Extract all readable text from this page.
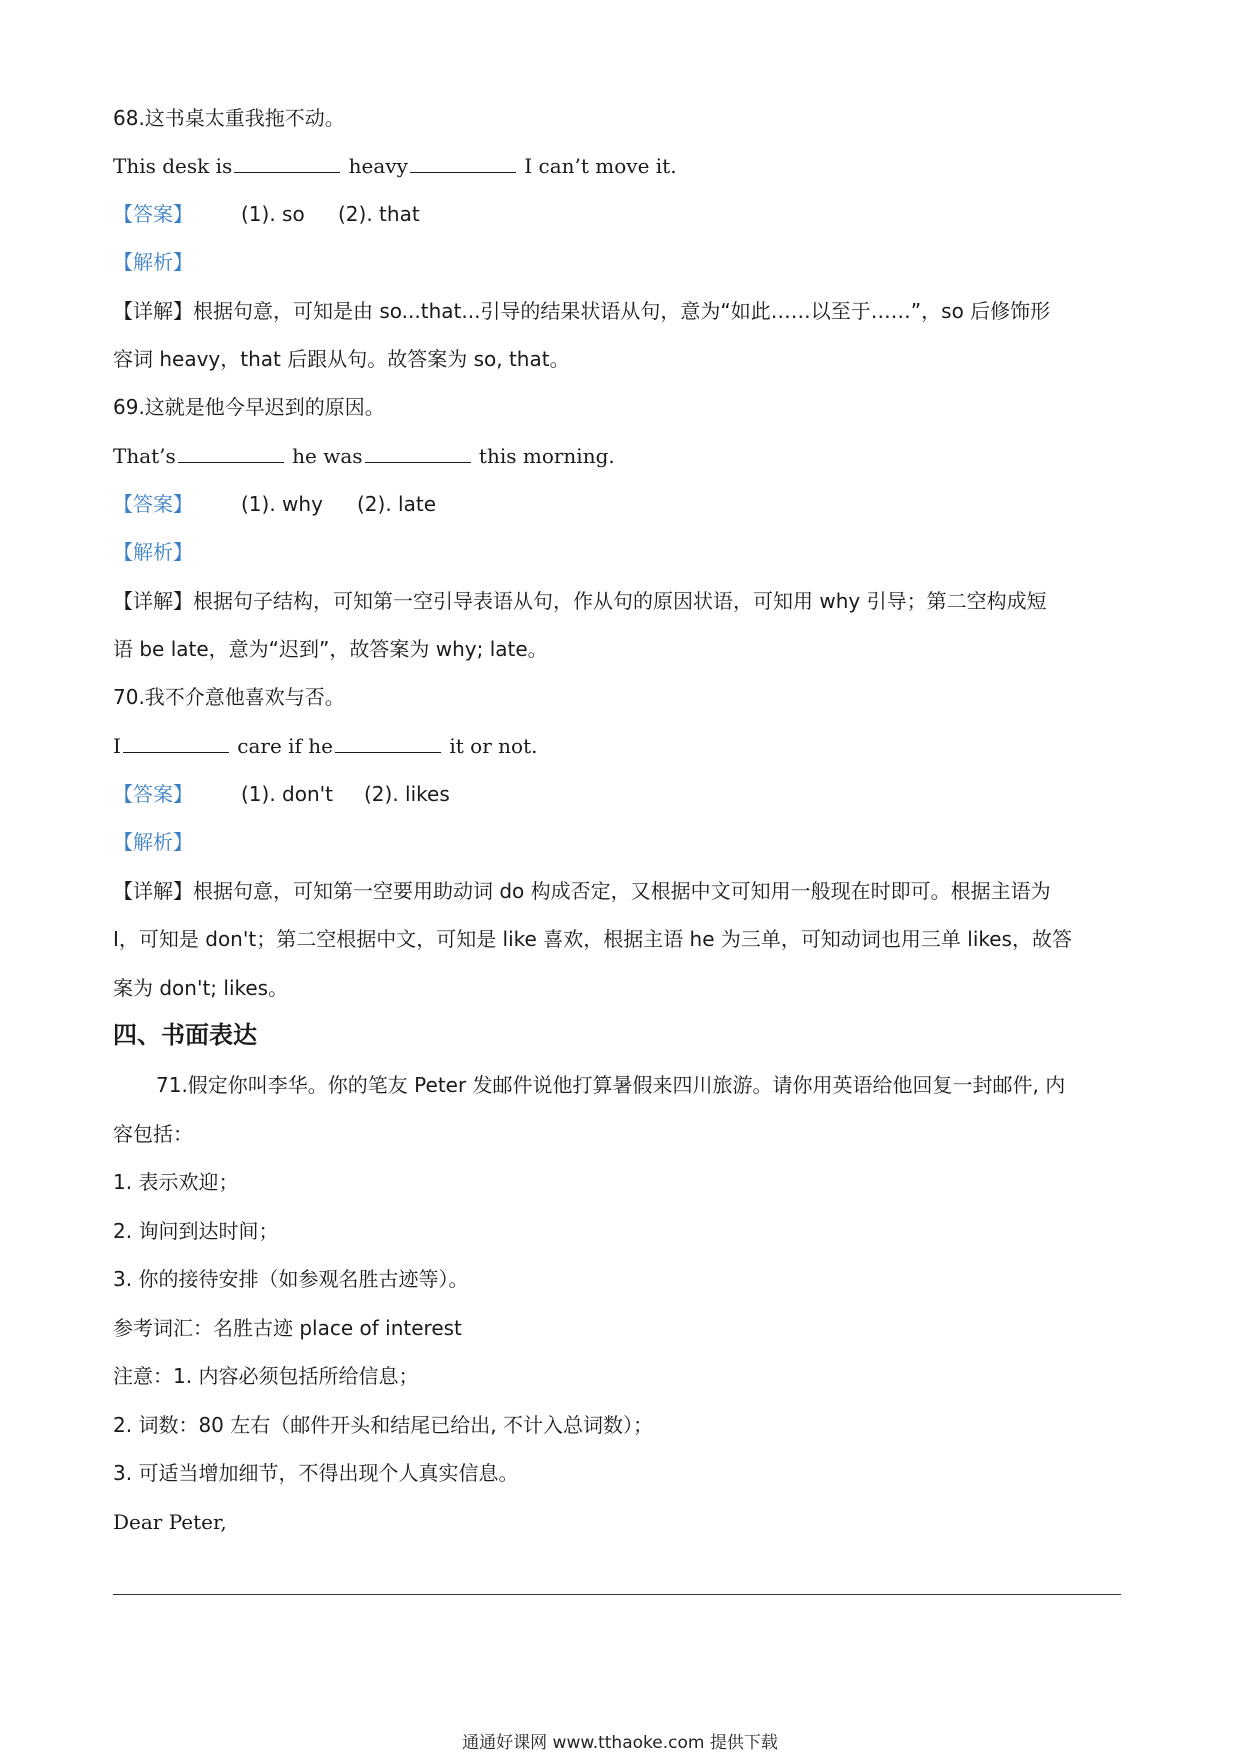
68.这书桌太重我拖不动。
This desk is	heavy	I can’t move it.
【答案】 (1). so (2). that
【解析】
【详解】根据句意，可知是由 so...that...引导的结果状语从句，意为“如此……以至于……”，so 后修饰形
容词 heavy，that 后跟从句。故答案为 so, that。
69.这就是他今早迟到的原因。
That’s	he was	this morning.
【答案】 (1). why (2). late
【解析】
【详解】根据句子结构，可知第一空引导表语从句，作从句的原因状语，可知用 why 引导；第二空构成短
语 be late，意为“迟到”，故答案为 why; late。
70.我不介意他喜欢与否。
I	care if he	it or not.
【答案】 (1). don't (2). likes
【解析】
【详解】根据句意，可知第一空要用助动词 do 构成否定，又根据中文可知用一般现在时即可。根据主语为
I，可知是 don't；第二空根据中文，可知是 like 喜欢，根据主语 he 为三单，可知动词也用三单 likes，故答
案为 don't; likes。
四、书面表达
71.假定你叫李华。你的笔友 Peter 发邮件说他打算暑假来四川旅游。请你用英语给他回复一封邮件, 内
容包括：
1. 表示欢迎；
2. 询问到达时间；
3. 你的接待安排（如参观名胜古迹等）。
参考词汇：名胜古迹 place of interest
注意：1. 内容必须包括所给信息；
2. 词数：80 左右（邮件开头和结尾已给出, 不计入总词数）；
3. 可适当增加细节，不得出现个人真实信息。
Dear Peter,
通通好课网 www.tthaoke.com 提供下载
